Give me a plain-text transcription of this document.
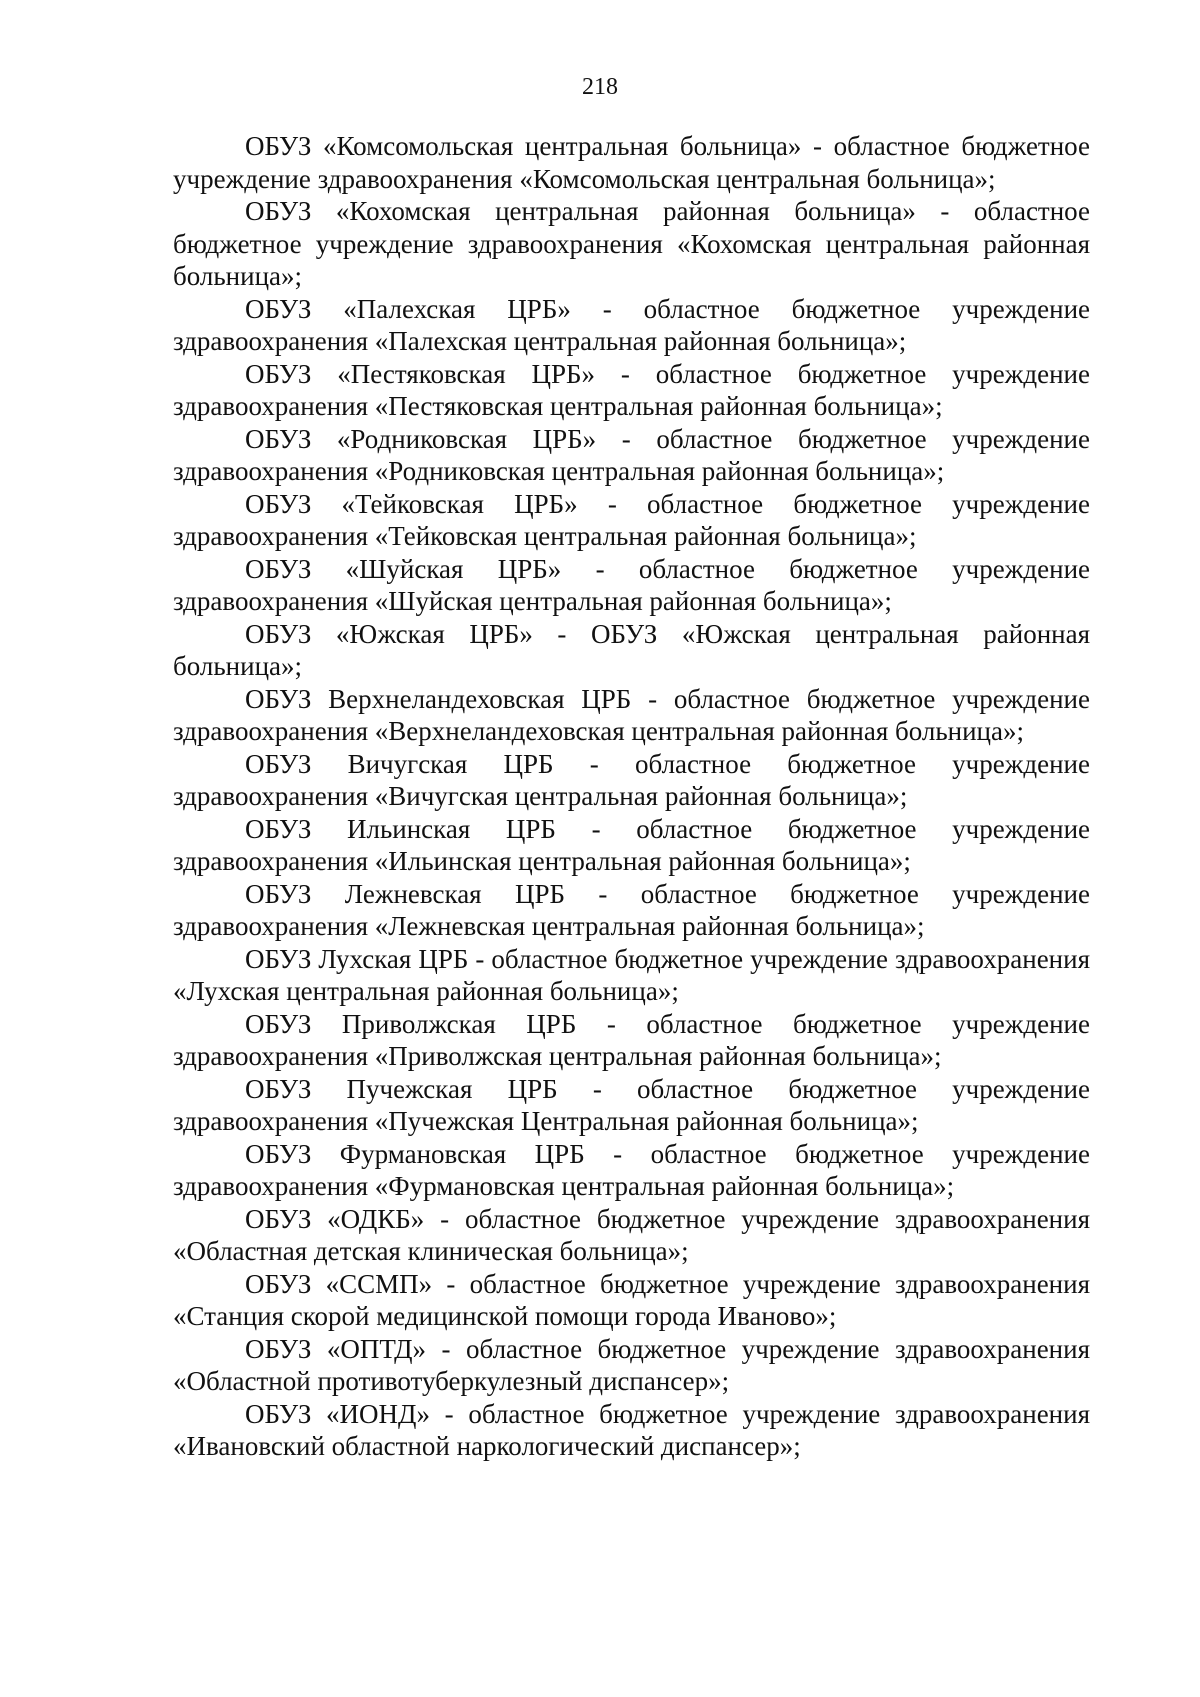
218
ОБУЗ «Комсомольская центральная больница» - областное бюджетное учреждение здравоохранения «Комсомольская центральная больница»;
ОБУЗ «Кохомская центральная районная больница» - областное бюджетное учреждение здравоохранения «Кохомская центральная районная больница»;
ОБУЗ «Палехская ЦРБ» - областное бюджетное учреждение здравоохранения «Палехская центральная районная больница»;
ОБУЗ «Пестяковская ЦРБ» - областное бюджетное учреждение здравоохранения «Пестяковская центральная районная больница»;
ОБУЗ «Родниковская ЦРБ» - областное бюджетное учреждение здравоохранения «Родниковская центральная районная больница»;
ОБУЗ «Тейковская ЦРБ» - областное бюджетное учреждение здравоохранения «Тейковская центральная районная больница»;
ОБУЗ «Шуйская ЦРБ» - областное бюджетное учреждение здравоохранения «Шуйская центральная районная больница»;
ОБУЗ «Южская ЦРБ» - ОБУЗ «Южская центральная районная больница»;
ОБУЗ Верхнеландеховская ЦРБ - областное бюджетное учреждение здравоохранения «Верхнеландеховская центральная районная больница»;
ОБУЗ Вичугская ЦРБ - областное бюджетное учреждение здравоохранения «Вичугская центральная районная больница»;
ОБУЗ Ильинская ЦРБ - областное бюджетное учреждение здравоохранения «Ильинская центральная районная больница»;
ОБУЗ Лежневская ЦРБ - областное бюджетное учреждение здравоохранения «Лежневская центральная районная больница»;
ОБУЗ Лухская ЦРБ - областное бюджетное учреждение здравоохранения «Лухская центральная районная больница»;
ОБУЗ Приволжская ЦРБ - областное бюджетное учреждение здравоохранения «Приволжская центральная районная больница»;
ОБУЗ Пучежская ЦРБ - областное бюджетное учреждение здравоохранения «Пучежская Центральная районная больница»;
ОБУЗ Фурмановская ЦРБ - областное бюджетное учреждение здравоохранения «Фурмановская центральная районная больница»;
ОБУЗ «ОДКБ» - областное бюджетное учреждение здравоохранения «Областная детская клиническая больница»;
ОБУЗ «ССМП» - областное бюджетное учреждение здравоохранения «Станция скорой медицинской помощи города Иваново»;
ОБУЗ «ОПТД» - областное бюджетное учреждение здравоохранения «Областной противотуберкулезный диспансер»;
ОБУЗ «ИОНД» - областное бюджетное учреждение здравоохранения «Ивановский областной наркологический диспансер»;
